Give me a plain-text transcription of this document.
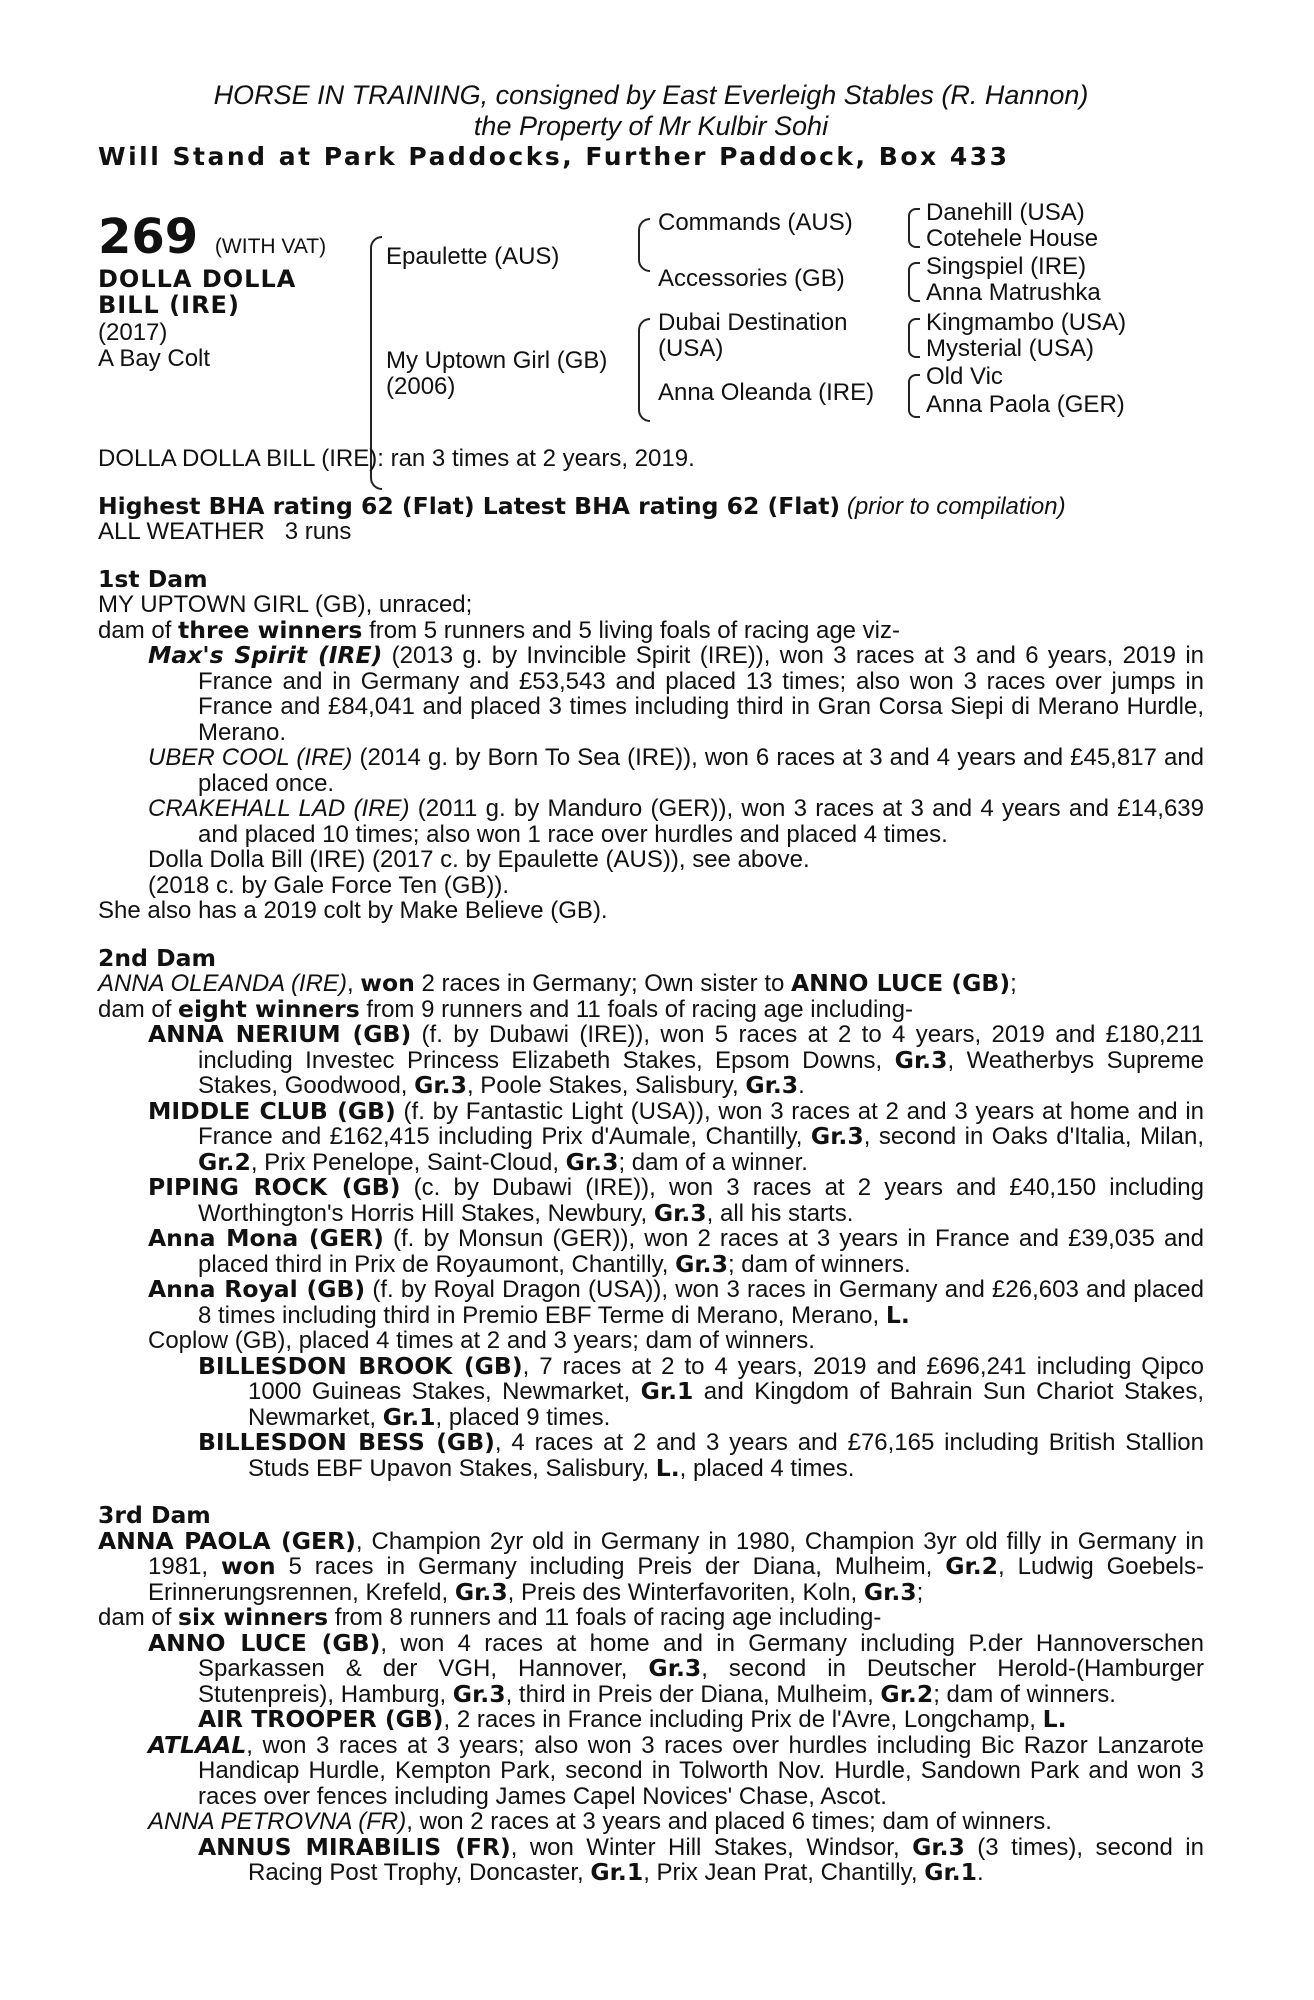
HORSE IN TRAINING, consigned by East Everleigh Stables (R. Hannon)
the Property of Mr Kulbir Sohi
Will Stand at Park Paddocks, Further Paddock, Box 433
269 (WITH VAT)
DOLLA DOLLA
BILL (IRE)
(2017)
A Bay Colt
Epaulette (AUS)
My Uptown Girl (GB)
(2006)
Commands (AUS)
Accessories (GB)
Dubai Destination
(USA)
Anna Oleanda (IRE)
Danehill (USA)
Cotehele House
Singspiel (IRE)
Anna Matrushka
Kingmambo (USA)
Mysterial (USA)
Old Vic
Anna Paola (GER)
DOLLA DOLLA BILL (IRE): ran 3 times at 2 years, 2019.

Highest BHA rating 62 (Flat) Latest BHA rating 62 (Flat) (prior to compilation)

ALL WEATHER   3 runs

1st Dam

MY UPTOWN GIRL (GB), unraced;

dam of three winners from 5 runners and 5 living foals of racing age viz-

Max's Spirit (IRE) (2013 g. by Invincible Spirit (IRE)), won 3 races at 3 and 6 years, 2019 in France and in Germany and £53,543 and placed 13 times; also won 3 races over jumps in France and £84,041 and placed 3 times including third in Gran Corsa Siepi di Merano Hurdle, Merano.

UBER COOL (IRE) (2014 g. by Born To Sea (IRE)), won 6 races at 3 and 4 years and £45,817 and placed once.

CRAKEHALL LAD (IRE) (2011 g. by Manduro (GER)), won 3 races at 3 and 4 years and £14,639 and placed 10 times; also won 1 race over hurdles and placed 4 times.

Dolla Dolla Bill (IRE) (2017 c. by Epaulette (AUS)), see above.

(2018 c. by Gale Force Ten (GB)).

She also has a 2019 colt by Make Believe (GB).

2nd Dam

ANNA OLEANDA (IRE), won 2 races in Germany; Own sister to ANNO LUCE (GB);

dam of eight winners from 9 runners and 11 foals of racing age including-

ANNA NERIUM (GB) (f. by Dubawi (IRE)), won 5 races at 2 to 4 years, 2019 and £180,211 including Investec Princess Elizabeth Stakes, Epsom Downs, Gr.3, Weatherbys Supreme Stakes, Goodwood, Gr.3, Poole Stakes, Salisbury, Gr.3.

MIDDLE CLUB (GB) (f. by Fantastic Light (USA)), won 3 races at 2 and 3 years at home and in France and £162,415 including Prix d'Aumale, Chantilly, Gr.3, second in Oaks d'Italia, Milan, Gr.2, Prix Penelope, Saint-Cloud, Gr.3; dam of a winner.

PIPING ROCK (GB) (c. by Dubawi (IRE)), won 3 races at 2 years and £40,150 including Worthington's Horris Hill Stakes, Newbury, Gr.3, all his starts.

Anna Mona (GER) (f. by Monsun (GER)), won 2 races at 3 years in France and £39,035 and placed third in Prix de Royaumont, Chantilly, Gr.3; dam of winners.

Anna Royal (GB) (f. by Royal Dragon (USA)), won 3 races in Germany and £26,603 and placed 8 times including third in Premio EBF Terme di Merano, Merano, L.

Coplow (GB), placed 4 times at 2 and 3 years; dam of winners.

BILLESDON BROOK (GB), 7 races at 2 to 4 years, 2019 and £696,241 including Qipco 1000 Guineas Stakes, Newmarket, Gr.1 and Kingdom of Bahrain Sun Chariot Stakes, Newmarket, Gr.1, placed 9 times.

BILLESDON BESS (GB), 4 races at 2 and 3 years and £76,165 including British Stallion Studs EBF Upavon Stakes, Salisbury, L., placed 4 times.

3rd Dam

ANNA PAOLA (GER), Champion 2yr old in Germany in 1980, Champion 3yr old filly in Germany in 1981, won 5 races in Germany including Preis der Diana, Mulheim, Gr.2, Ludwig Goebels-Erinnerungsrennen, Krefeld, Gr.3, Preis des Winterfavoriten, Koln, Gr.3;

dam of six winners from 8 runners and 11 foals of racing age including-

ANNO LUCE (GB), won 4 races at home and in Germany including P.der Hannoverschen Sparkassen & der VGH, Hannover, Gr.3, second in Deutscher Herold-(Hamburger Stutenpreis), Hamburg, Gr.3, third in Preis der Diana, Mulheim, Gr.2; dam of winners.

AIR TROOPER (GB), 2 races in France including Prix de l'Avre, Longchamp, L.

ATLAAL, won 3 races at 3 years; also won 3 races over hurdles including Bic Razor Lanzarote Handicap Hurdle, Kempton Park, second in Tolworth Nov. Hurdle, Sandown Park and won 3 races over fences including James Capel Novices' Chase, Ascot.

ANNA PETROVNA (FR), won 2 races at 3 years and placed 6 times; dam of winners.

ANNUS MIRABILIS (FR), won Winter Hill Stakes, Windsor, Gr.3 (3 times), second in Racing Post Trophy, Doncaster, Gr.1, Prix Jean Prat, Chantilly, Gr.1.
